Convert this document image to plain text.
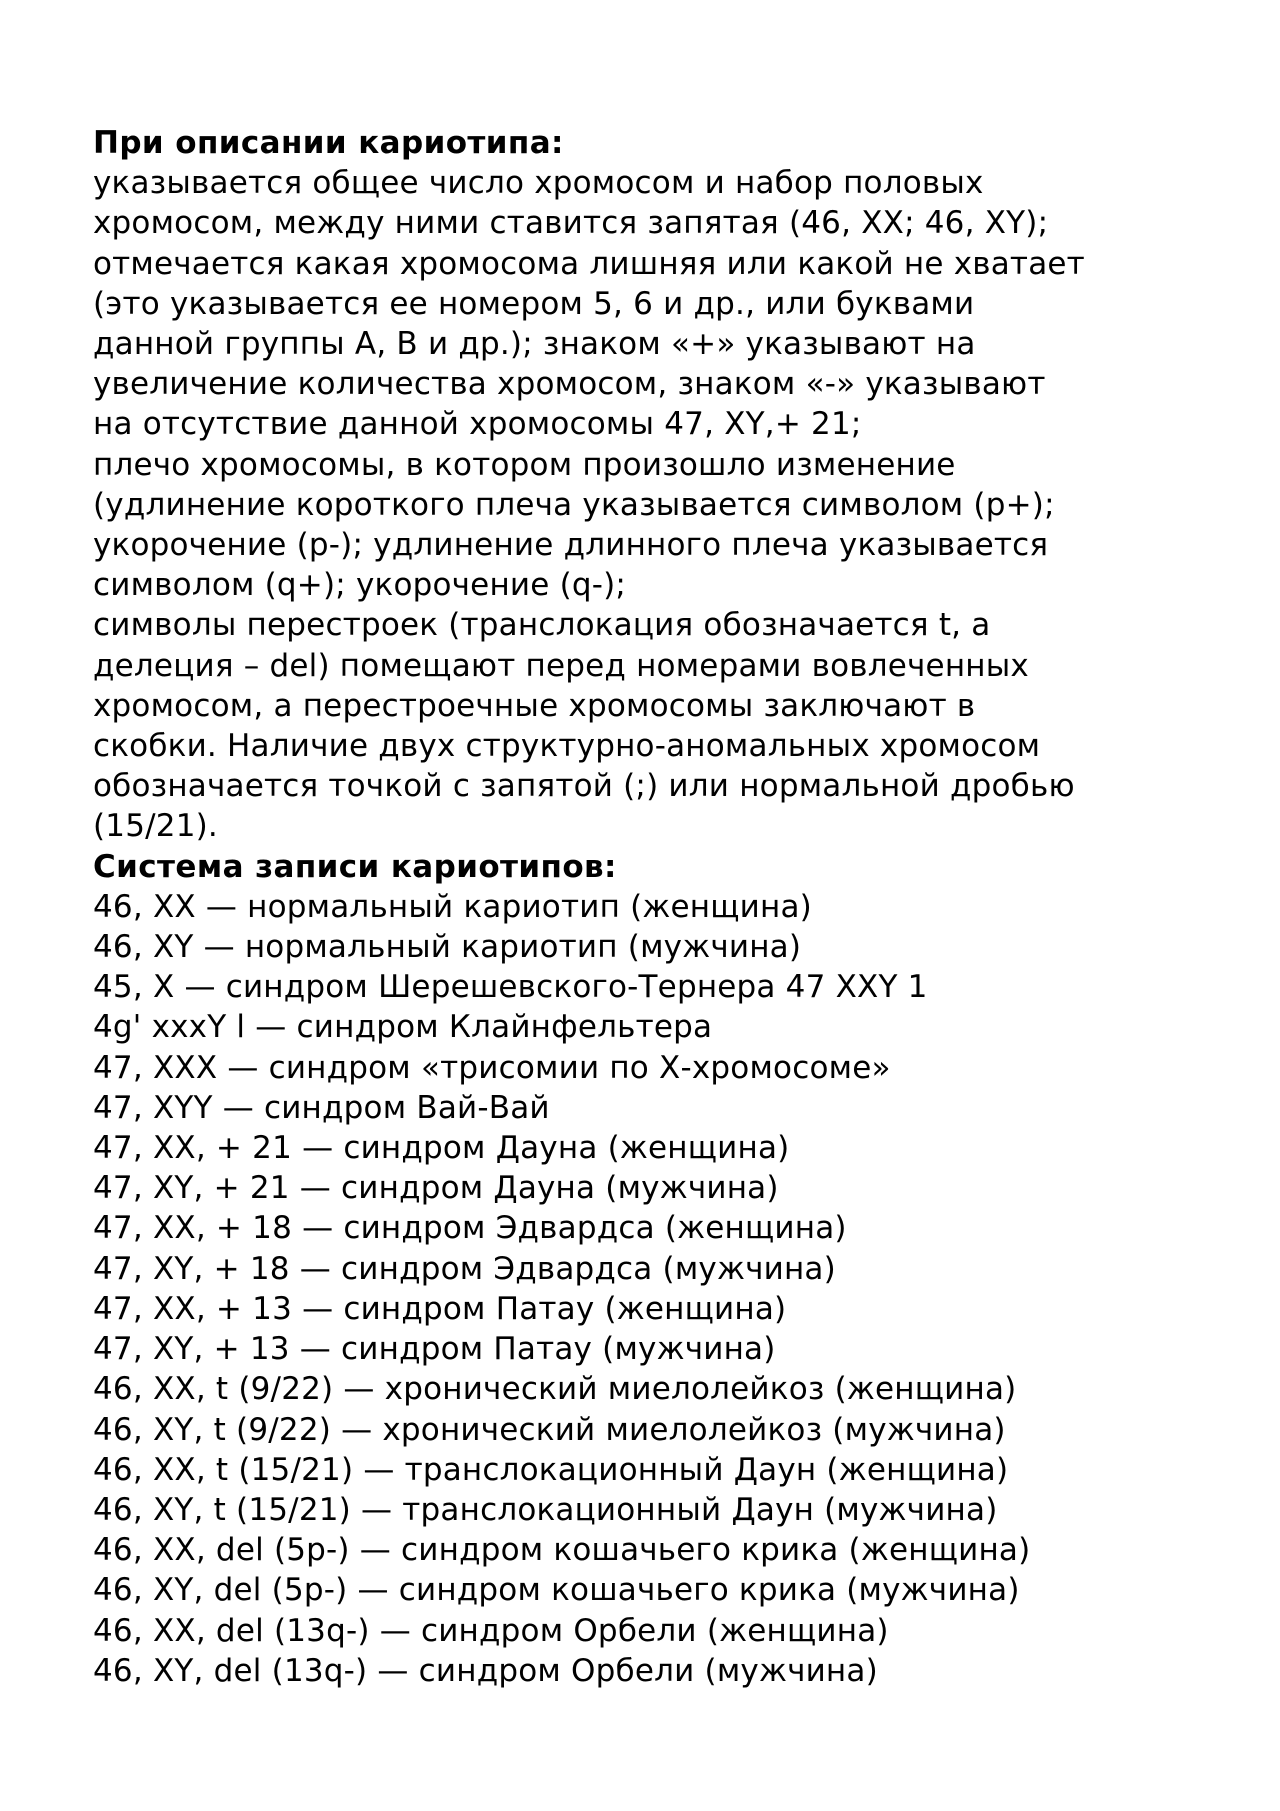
При описании кариотипа:
указывается общее число хромосом и набор половых
хромосом, между ними ставится запятая (46, XX; 46, XY);
отмечается какая хромосома лишняя или какой не хватает
(это указывается ее номером 5, 6 и др., или буквами
данной группы А, В и др.); знаком «+» указывают на
увеличение количества хромосом, знаком «-» указывают
на отсутствие данной хромосомы 47, XY,+ 21;
плечо хромосомы, в котором произошло изменение
(удлинение короткого плеча указывается символом (р+);
укорочение (р-); удлинение длинного плеча указывается
символом (q+); укорочение (q-);
символы перестроек (транслокация обозначается t, а
делеция – del) помещают перед номерами вовлеченных
хромосом, а перестроечные хромосомы заключают в
скобки. Наличие двух структурно-аномальных хромосом
обозначается точкой с запятой (;) или нормальной дробью
(15/21).
Система записи кариотипов:
46, XX — нормальный кариотип (женщина)
46, XY — нормальный кариотип (мужчина)
45, X — синдром Шерешевского-Тернера 47 XXY 1
4g' xxxY l — синдром Клайнфельтера
47, XXX — синдром «трисомии по Х-хромосоме»
47, XYY — синдром Вай-Вай
47, XX, + 21 — синдром Дауна (женщина)
47, XY, + 21 — синдром Дауна (мужчина)
47, XX, + 18 — синдром Эдвардса (женщина)
47, XY, + 18 — синдром Эдвардса (мужчина)
47, XX, + 13 — синдром Патау (женщина)
47, XY, + 13 — синдром Патау (мужчина)
46, XX, t (9/22) — хронический миелолейкоз (женщина)
46, XY, t (9/22) — хронический миелолейкоз (мужчина)
46, XX, t (15/21) — транслокационный Даун (женщина)
46, XY, t (15/21) — транслокационный Даун (мужчина)
46, XX, del (5р-) — синдром кошачьего крика (женщина)
46, XY, del (5р-) — синдром кошачьего крика (мужчина)
46, XX, del (13q-) — синдром Орбели (женщина)
46, XY, del (13q-) — синдром Орбели (мужчина)
